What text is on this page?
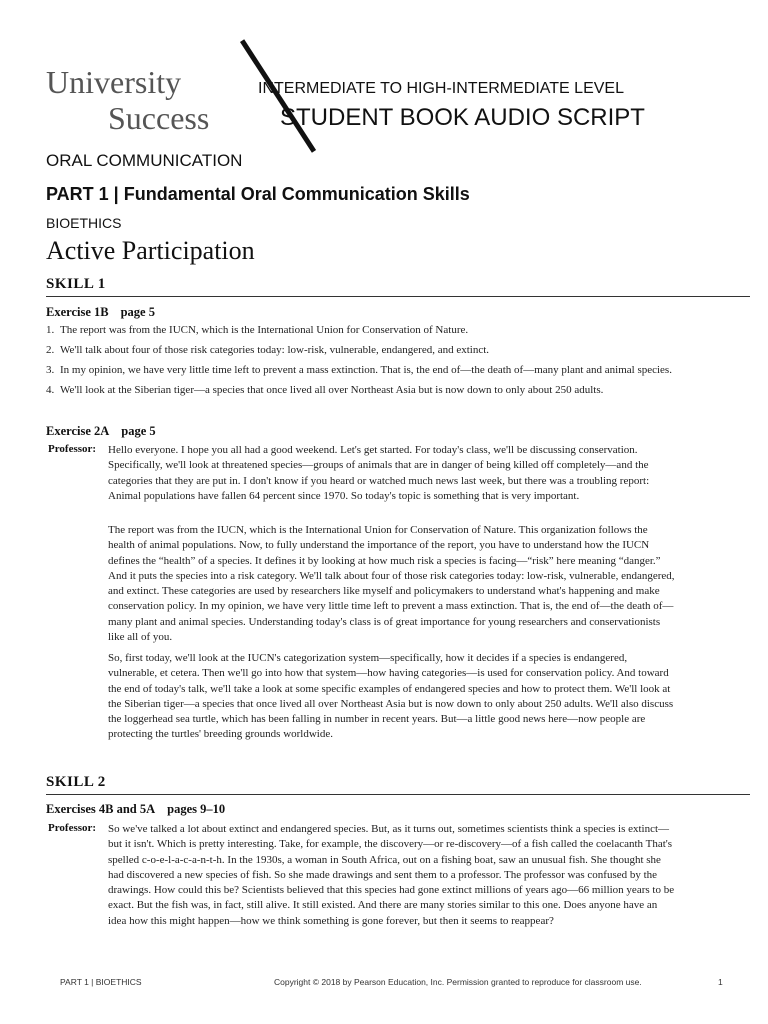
University
Success
INTERMEDIATE TO HIGH-INTERMEDIATE LEVEL
STUDENT BOOK AUDIO SCRIPT
ORAL COMMUNICATION
PART 1 | Fundamental Oral Communication Skills
BIOETHICS
Active Participation
SKILL 1
Exercise 1B page 5
1. The report was from the IUCN, which is the International Union for Conservation of Nature.
2. We'll talk about four of those risk categories today: low-risk, vulnerable, endangered, and extinct.
3. In my opinion, we have very little time left to prevent a mass extinction. That is, the end of—the death of—many plant and animal species.
4. We'll look at the Siberian tiger—a species that once lived all over Northeast Asia but is now down to only about 250 adults.
Exercise 2A page 5
Professor: Hello everyone. I hope you all had a good weekend. Let's get started. For today's class, we'll be discussing conservation. Specifically, we'll look at threatened species—groups of animals that are in danger of being killed off completely—and the categories that they are put in. I don't know if you heard or watched much news last week, but there was a troubling report: Animal populations have fallen 64 percent since 1970. So today's topic is something that is very important.
The report was from the IUCN, which is the International Union for Conservation of Nature. This organization follows the health of animal populations. Now, to fully understand the importance of the report, you have to understand how the IUCN defines the “health” of a species. It defines it by looking at how much risk a species is facing—“risk” here meaning “danger.” And it puts the species into a risk category. We'll talk about four of those risk categories today: low-risk, vulnerable, endangered, and extinct. These categories are used by researchers like myself and policymakers to understand what's happening and make conservation policy. In my opinion, we have very little time left to prevent a mass extinction. That is, the end of—the death of—many plant and animal species. Understanding today's class is of great importance for young researchers and conservationists like all of you.
So, first today, we'll look at the IUCN's categorization system—specifically, how it decides if a species is endangered, vulnerable, et cetera. Then we'll go into how that system—how having categories—is used for conservation policy. And toward the end of today's talk, we'll take a look at some specific examples of endangered species and how to protect them. We'll look at the Siberian tiger—a species that once lived all over Northeast Asia but is now down to only about 250 adults. We'll also discuss the loggerhead sea turtle, which has been falling in number in recent years. But—a little good news here—now people are protecting the turtles' breeding grounds worldwide.
SKILL 2
Exercises 4B and 5A pages 9–10
Professor: So we've talked a lot about extinct and endangered species. But, as it turns out, sometimes scientists think a species is extinct—but it isn't. Which is pretty interesting. Take, for example, the discovery—or re-discovery—of a fish called the coelacanth That's spelled c-o-e-l-a-c-a-n-t-h. In the 1930s, a woman in South Africa, out on a fishing boat, saw an unusual fish. She thought she had discovered a new species of fish. So she made drawings and sent them to a professor. The professor was confused by the drawings. How could this be? Scientists believed that this species had gone extinct millions of years ago—66 million years to be exact. But the fish was, in fact, still alive. It still existed. And there are many stories similar to this one. Does anyone have an idea how this might happen—how we think something is gone forever, but then it seems to reappear?
PART 1 | BIOETHICS	Copyright © 2018 by Pearson Education, Inc. Permission granted to reproduce for classroom use.	1
